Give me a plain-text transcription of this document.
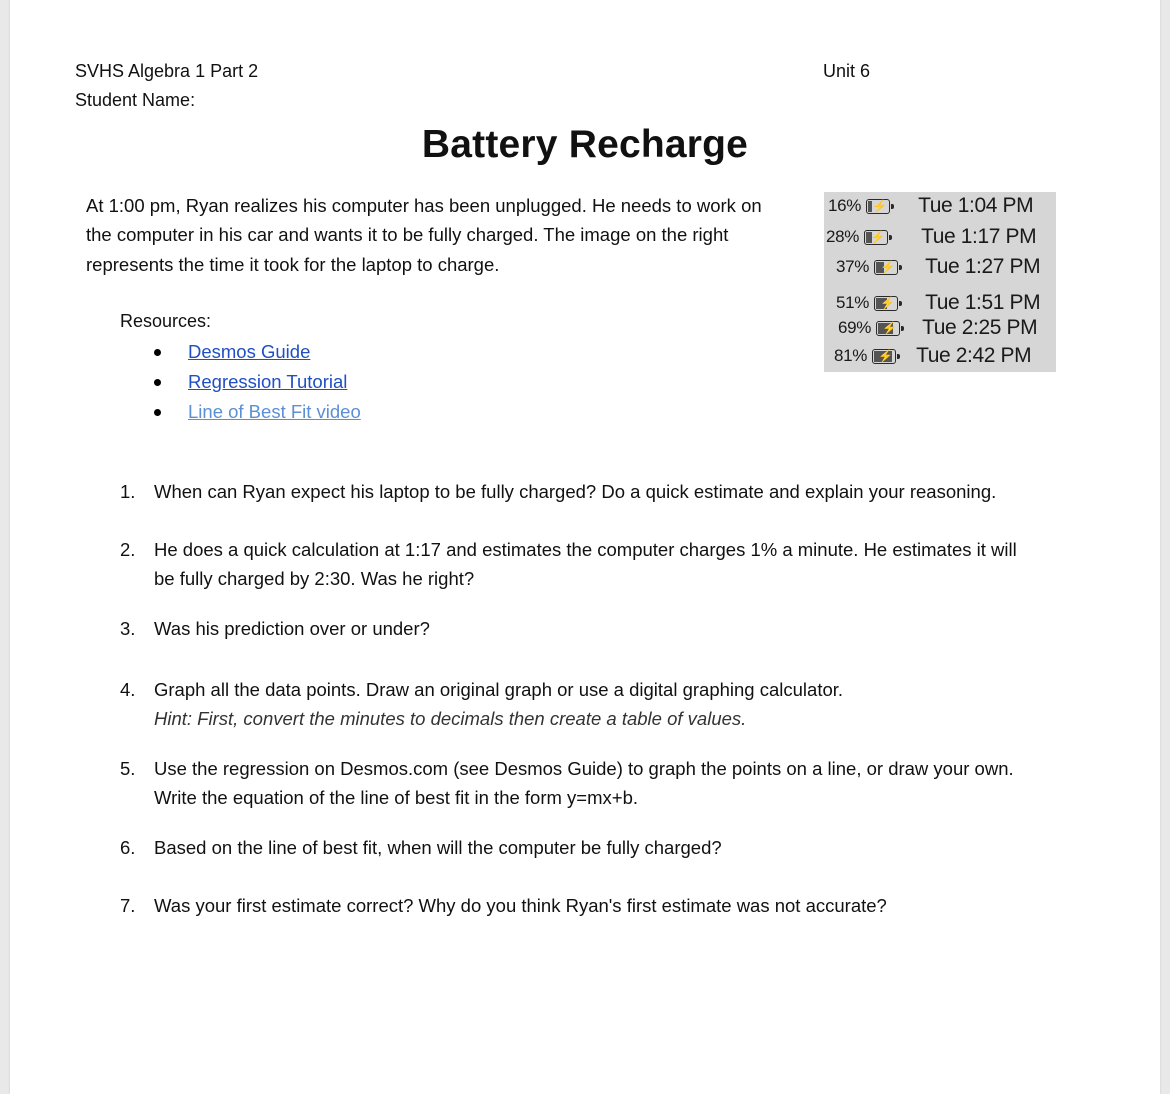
SVHS Algebra 1 Part 2	Unit 6
Student Name:
Battery Recharge
At 1:00 pm, Ryan realizes his computer has been unplugged. He needs to work on
the computer in his car and wants it to be fully charged. The image on the right
represents the time it took for the laptop to charge.
Resources:
Desmos Guide
Regression Tutorial
Line of Best Fit video
16% ⚡ Tue 1:04 PM
28% ⚡ Tue 1:17 PM
37% ⚡ Tue 1:27 PM
51% ⚡ Tue 1:51 PM
69% ⚡ Tue 2:25 PM
81% ⚡ Tue 2:42 PM
1.	When can Ryan expect his laptop to be fully charged? Do a quick estimate and explain your reasoning.
2.	He does a quick calculation at 1:17 and estimates the computer charges 1% a minute. He estimates it will
be fully charged by 2:30. Was he right?
3.	Was his prediction over or under?
4.	Graph all the data points. Draw an original graph or use a digital graphing calculator.
Hint: First, convert the minutes to decimals then create a table of values.
5.	Use the regression on Desmos.com (see Desmos Guide) to graph the points on a line, or draw your own.
Write the equation of the line of best fit in the form y=mx+b.
6.	Based on the line of best fit, when will the computer be fully charged?
7.	Was your first estimate correct? Why do you think Ryan's first estimate was not accurate?
